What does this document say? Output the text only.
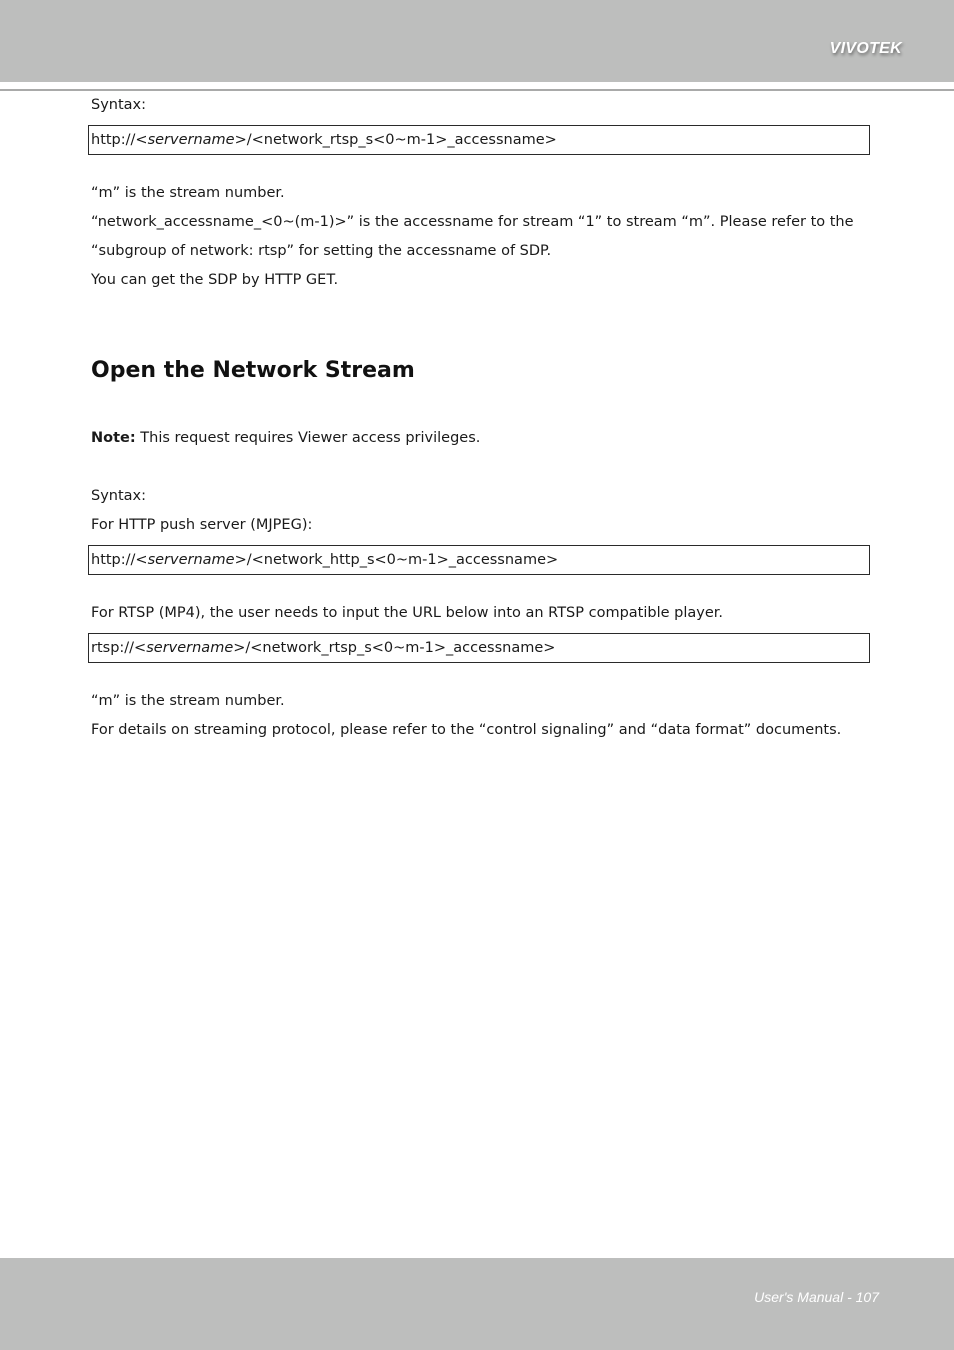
VIVOTEK

Syntax:

http://<servername>/<network_rtsp_s<0~m-1>_accessname>

“m” is the stream number.

“network_accessname_<0~(m-1)>” is the accessname for stream “1” to stream “m”. Please refer to the

“subgroup of network: rtsp” for setting the accessname of SDP.

You can get the SDP by HTTP GET.

Open the Network Stream

Note: This request requires Viewer access privileges.

Syntax:

For HTTP push server (MJPEG):

http://<servername>/<network_http_s<0~m-1>_accessname>

For RTSP (MP4), the user needs to input the URL below into an RTSP compatible player.

rtsp://<servername>/<network_rtsp_s<0~m-1>_accessname>

“m” is the stream number.

For details on streaming protocol, please refer to the “control signaling” and “data format” documents.

User's Manual - 107
